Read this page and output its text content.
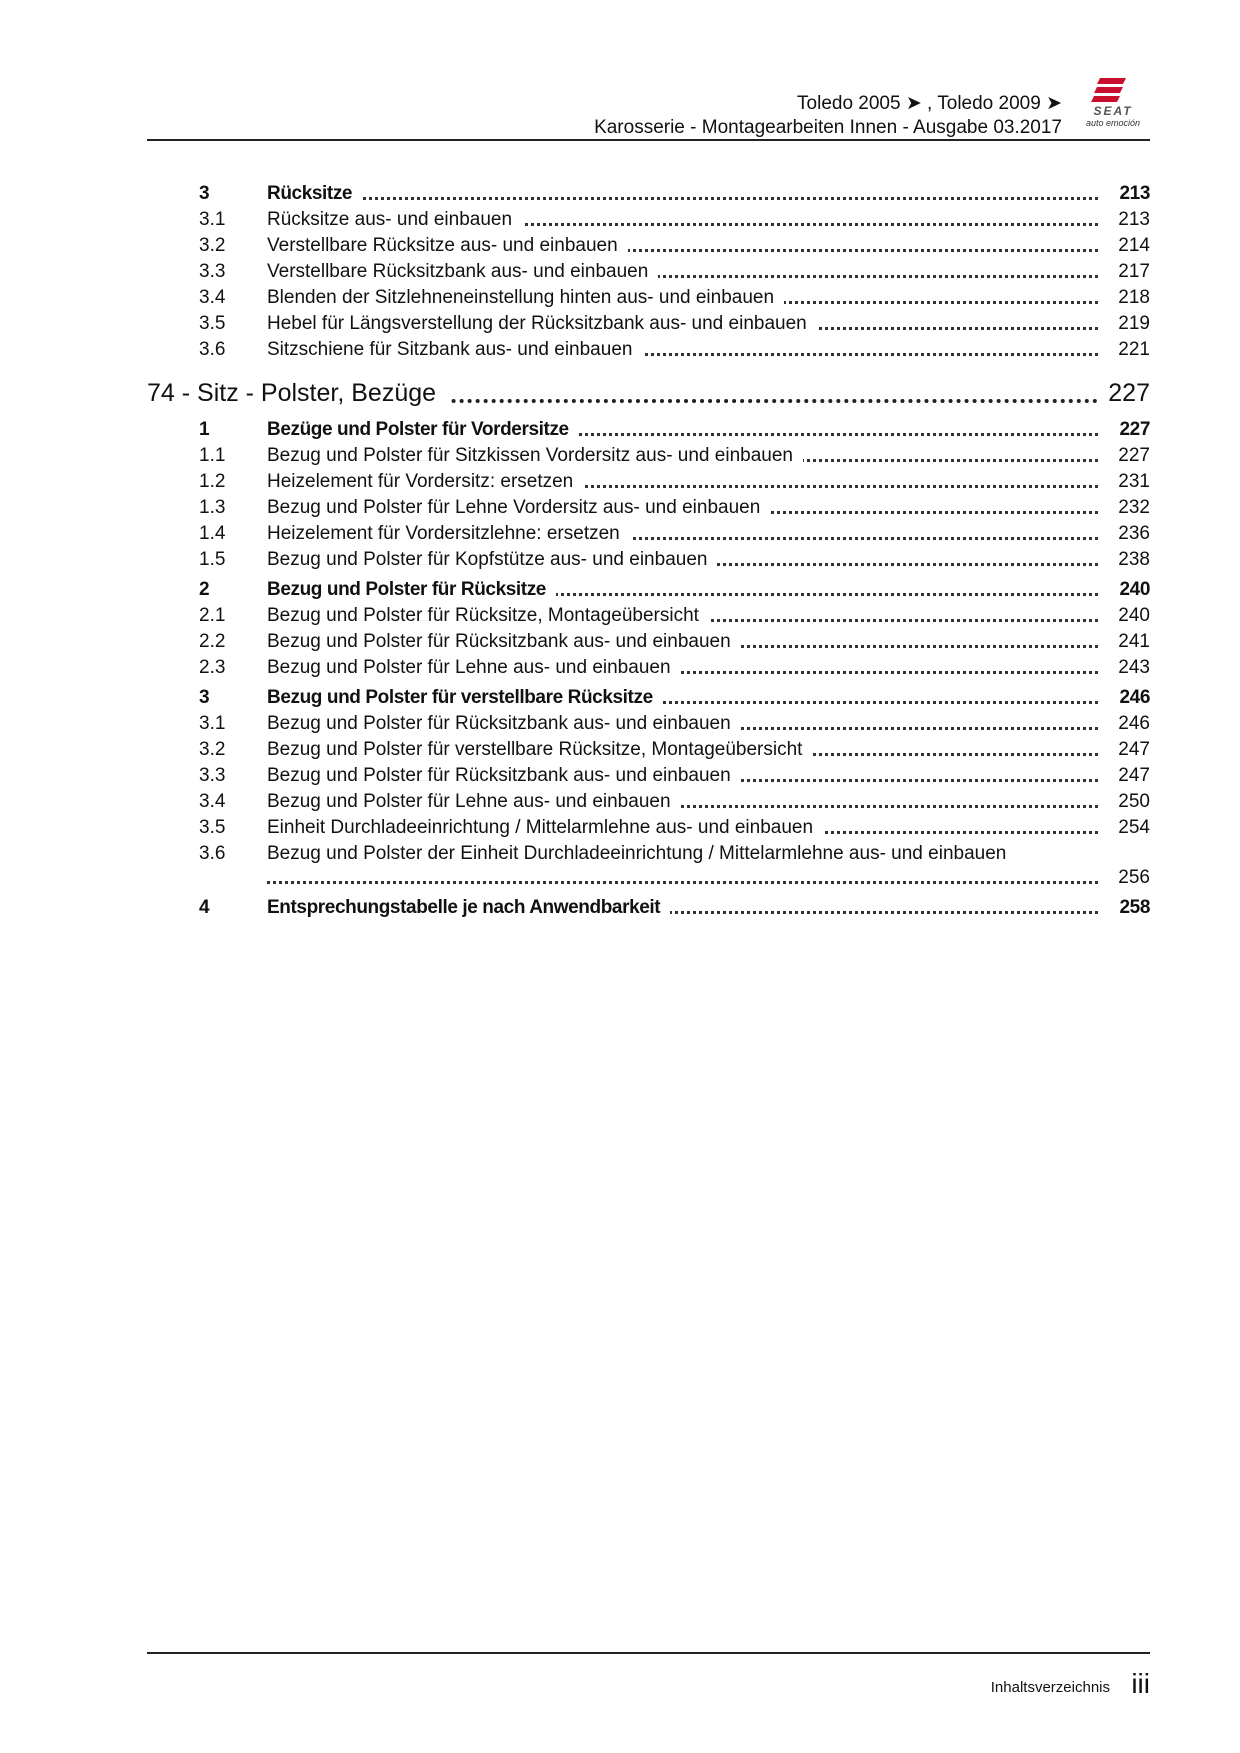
Toledo 2005 ➤ , Toledo 2009 ➤
Karosserie - Montagearbeiten Innen - Ausgabe 03.2017
SEAT
auto emoción
3	Rücksitze	213
3.1 Rücksitze aus- und einbauen	213
3.2 Verstellbare Rücksitze aus- und einbauen	214
3.3 Verstellbare Rücksitzbank aus- und einbauen	217
3.4 Blenden der Sitzlehneneinstellung hinten aus- und einbauen	218
3.5 Hebel für Längsverstellung der Rücksitzbank aus- und einbauen	219
3.6 Sitzschiene für Sitzbank aus- und einbauen	221
74 - Sitz - Polster, Bezüge	227
1	Bezüge und Polster für Vordersitze	227
1.1 Bezug und Polster für Sitzkissen Vordersitz aus- und einbauen	227
1.2 Heizelement für Vordersitz: ersetzen	231
1.3 Bezug und Polster für Lehne Vordersitz aus- und einbauen	232
1.4 Heizelement für Vordersitzlehne: ersetzen	236
1.5 Bezug und Polster für Kopfstütze aus- und einbauen	238
2	Bezug und Polster für Rücksitze	240
2.1 Bezug und Polster für Rücksitze, Montageübersicht	240
2.2 Bezug und Polster für Rücksitzbank aus- und einbauen	241
2.3 Bezug und Polster für Lehne aus- und einbauen	243
3	Bezug und Polster für verstellbare Rücksitze	246
3.1 Bezug und Polster für Rücksitzbank aus- und einbauen	246
3.2 Bezug und Polster für verstellbare Rücksitze, Montageübersicht	247
3.3 Bezug und Polster für Rücksitzbank aus- und einbauen	247
3.4 Bezug und Polster für Lehne aus- und einbauen	250
3.5 Einheit Durchladeeinrichtung / Mittelarmlehne aus- und einbauen	254
3.6 Bezug und Polster der Einheit Durchladeeinrichtung / Mittelarmlehne aus- und einbauen
256
4	Entsprechungstabelle je nach Anwendbarkeit	258
Inhaltsverzeichnis iii
